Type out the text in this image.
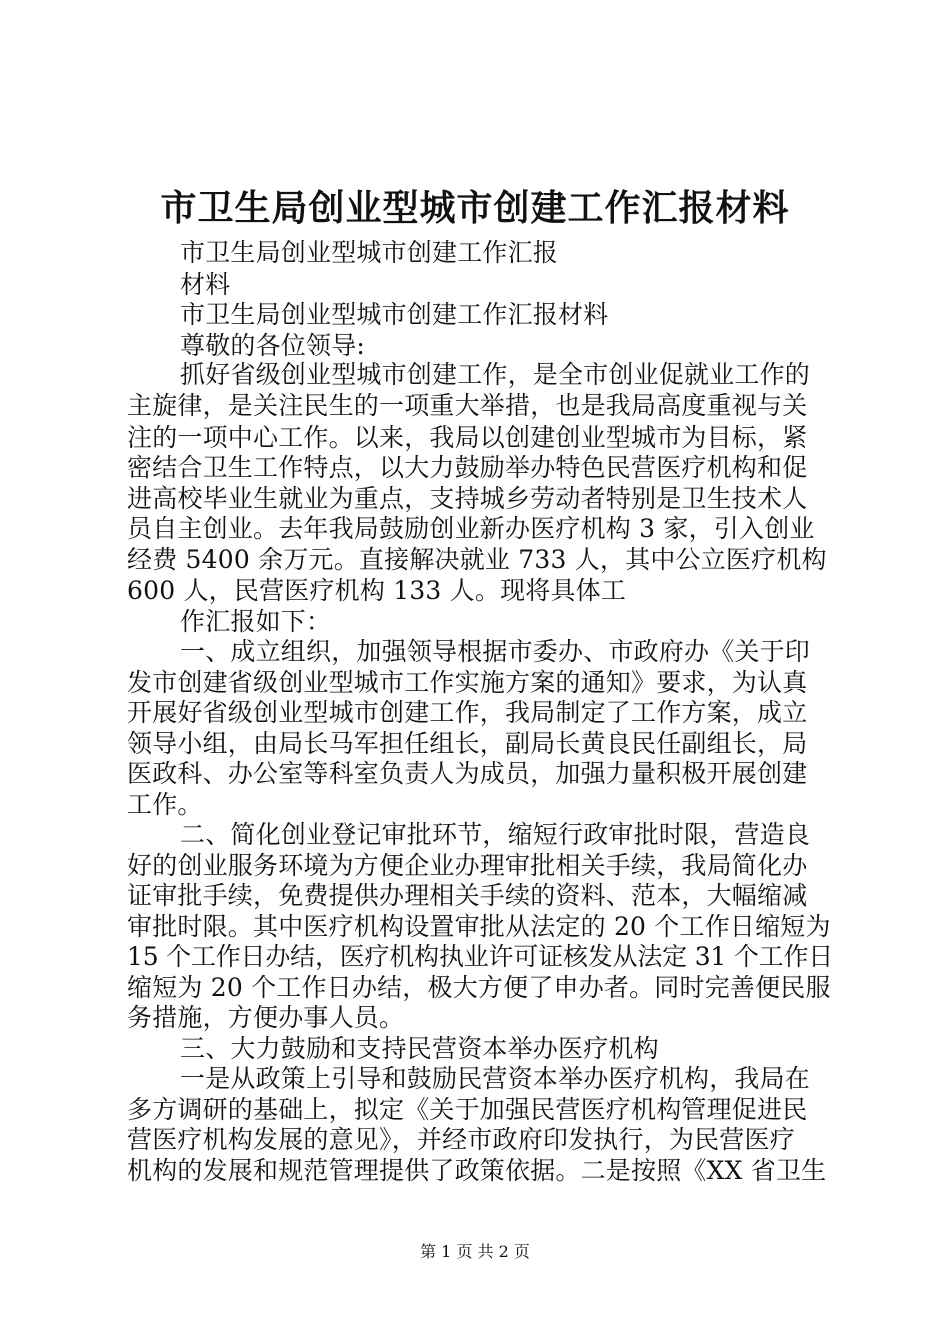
市卫生局创业型城市创建工作汇报材料
市卫生局创业型城市创建工作汇报
材料
市卫生局创业型城市创建工作汇报材料
尊敬的各位领导:
抓好省级创业型城市创建工作，是全市创业促就业工作的
主旋律，是关注民生的一项重大举措，也是我局高度重视与关
注的一项中心工作。以来，我局以创建创业型城市为目标，紧
密结合卫生工作特点，以大力鼓励举办特色民营医疗机构和促
进高校毕业生就业为重点，支持城乡劳动者特别是卫生技术人
员自主创业。去年我局鼓励创业新办医疗机构 3 家，引入创业
经费 5400 余万元。直接解决就业 733 人，其中公立医疗机构
600 人，民营医疗机构 133 人。现将具体工
作汇报如下：
一、成立组织，加强领导根据市委办、市政府办《关于印
发市创建省级创业型城市工作实施方案的通知》要求，为认真
开展好省级创业型城市创建工作，我局制定了工作方案，成立
领导小组，由局长马军担任组长，副局长黄良民任副组长，局
医政科、办公室等科室负责人为成员，加强力量积极开展创建
工作。
二、简化创业登记审批环节，缩短行政审批时限，营造良
好的创业服务环境为方便企业办理审批相关手续，我局简化办
证审批手续，免费提供办理相关手续的资料、范本，大幅缩减
审批时限。其中医疗机构设置审批从法定的 20 个工作日缩短为
15 个工作日办结，医疗机构执业许可证核发从法定 31 个工作日
缩短为 20 个工作日办结，极大方便了申办者。同时完善便民服
务措施，方便办事人员。
三、大力鼓励和支持民营资本举办医疗机构
一是从政策上引导和鼓励民营资本举办医疗机构，我局在
多方调研的基础上，拟定《关于加强民营医疗机构管理促进民
营医疗机构发展的意见》，并经市政府印发执行，为民营医疗
机构的发展和规范管理提供了政策依据。二是按照《XX 省卫生
第 1 页 共 2 页
